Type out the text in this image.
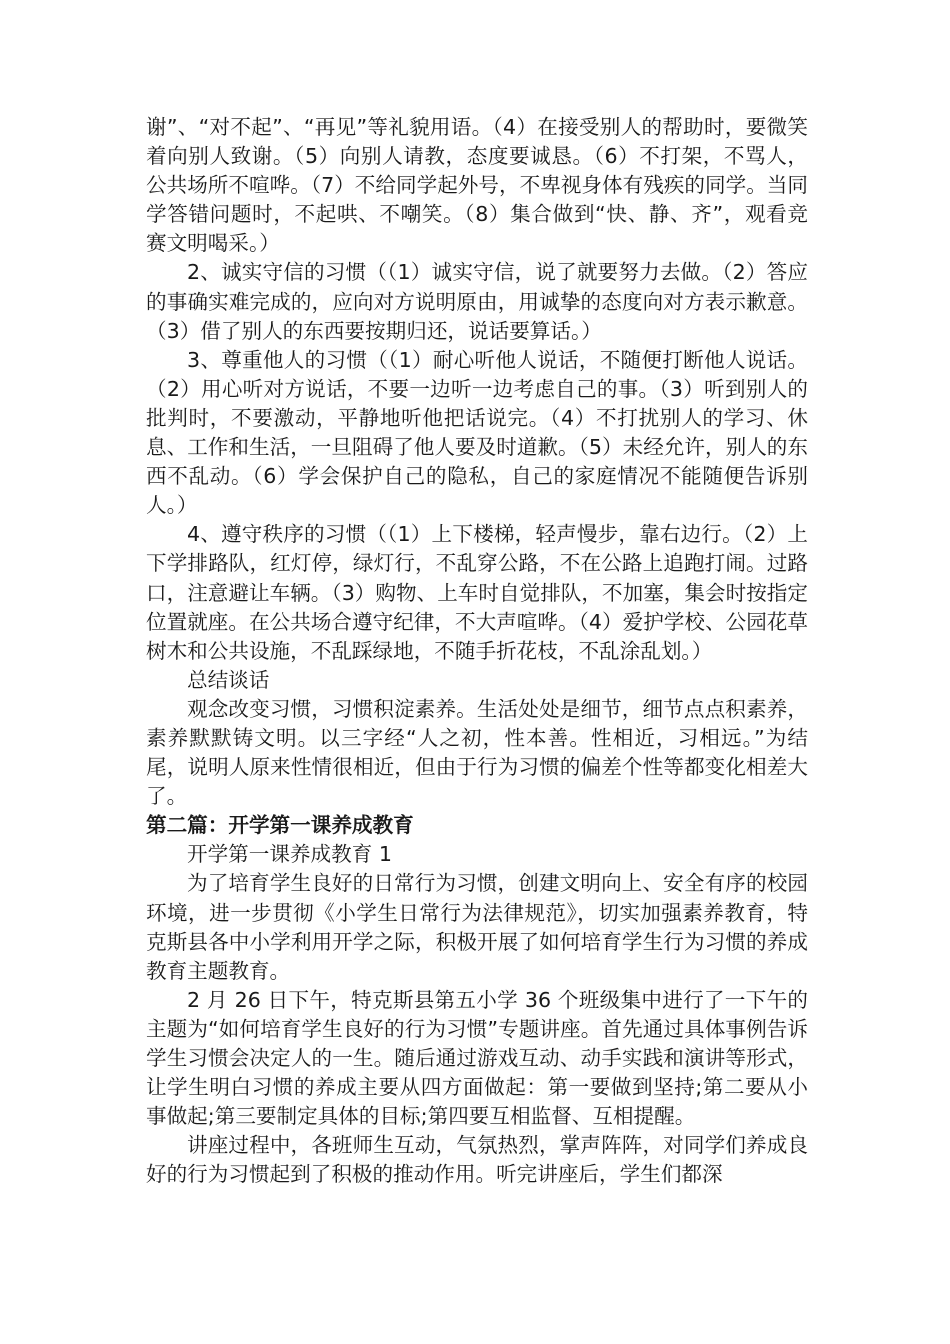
谢”、“对不起”、“再见”等礼貌用语。（4）在接受别人的帮助时，要微笑着向别人致谢。（5）向别人请教，态度要诚恳。（6）不打架，不骂人，公共场所不喧哗。（7）不给同学起外号，不卑视身体有残疾的同学。当同学答错问题时，不起哄、不嘲笑。（8）集合做到“快、静、齐”，观看竞赛文明喝采。）

2、诚实守信的习惯（（1）诚实守信，说了就要努力去做。（2）答应的事确实难完成的，应向对方说明原由，用诚挚的态度向对方表示歉意。（3）借了别人的东西要按期归还，说话要算话。）

3、尊重他人的习惯（（1）耐心听他人说话，不随便打断他人说话。（2）用心听对方说话，不要一边听一边考虑自己的事。（3）听到别人的批判时，不要激动，平静地听他把话说完。（4）不打扰别人的学习、休息、工作和生活，一旦阻碍了他人要及时道歉。（5）未经允许，别人的东西不乱动。（6）学会保护自己的隐私，自己的家庭情况不能随便告诉别人。）

4、遵守秩序的习惯（（1）上下楼梯，轻声慢步，靠右边行。（2）上下学排路队，红灯停，绿灯行，不乱穿公路，不在公路上追跑打闹。过路口，注意避让车辆。（3）购物、上车时自觉排队，不加塞，集会时按指定位置就座。在公共场合遵守纪律，不大声喧哗。（4）爱护学校、公园花草树木和公共设施，不乱踩绿地，不随手折花枝，不乱涂乱划。）

总结谈话

观念改变习惯，习惯积淀素养。生活处处是细节，细节点点积素养，素养默默铸文明。以三字经“人之初，性本善。性相近，习相远。”为结尾，说明人原来性情很相近，但由于行为习惯的偏差个性等都变化相差大了。

第二篇：开学第一课养成教育

开学第一课养成教育 1

为了培育学生良好的日常行为习惯，创建文明向上、安全有序的校园环境，进一步贯彻《小学生日常行为法律规范》，切实加强素养教育，特克斯县各中小学利用开学之际，积极开展了如何培育学生行为习惯的养成教育主题教育。

2 月 26 日下午，特克斯县第五小学 36 个班级集中进行了一下午的主题为“如何培育学生良好的行为习惯”专题讲座。首先通过具体事例告诉学生习惯会决定人的一生。随后通过游戏互动、动手实践和演讲等形式，让学生明白习惯的养成主要从四方面做起：第一要做到坚持;第二要从小事做起;第三要制定具体的目标;第四要互相监督、互相提醒。

讲座过程中，各班师生互动，气氛热烈，掌声阵阵，对同学们养成良好的行为习惯起到了积极的推动作用。听完讲座后，学生们都深
